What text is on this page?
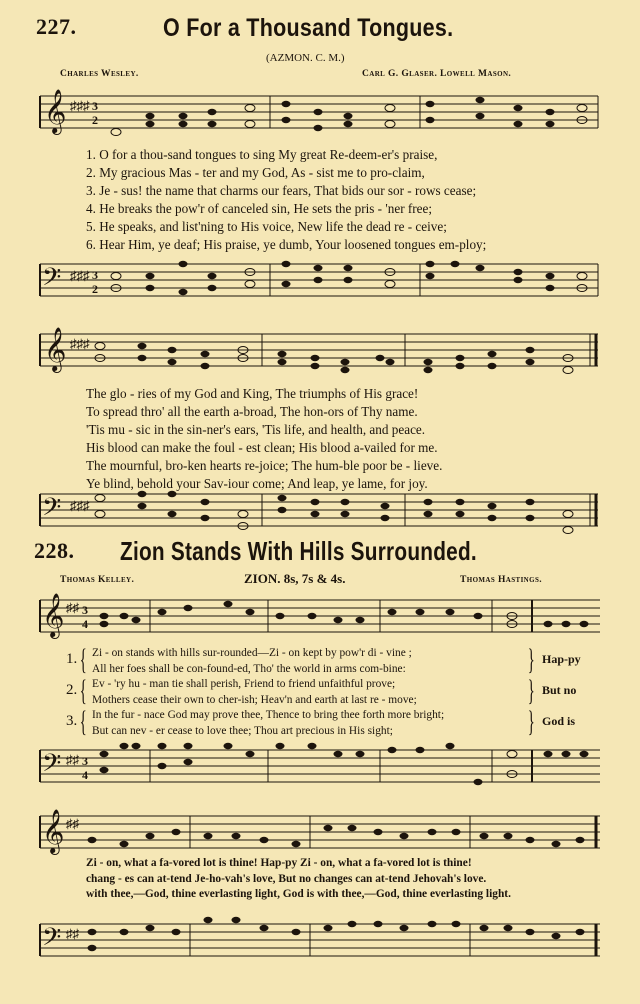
227.	O For a Thousand Tongues.
(AZMON. C. M.)
Charles Wesley.	Carl G. Glaser. Lowell Mason.
𝄞 ♯♯♯ 3
2
1. O for a thou-sand tongues to sing My great Re-deem-er's praise,
2. My gracious Mas - ter and my God, As - sist me to pro-claim,
3. Je - sus! the name that charms our fears, That bids our sor - rows cease;
4. He breaks the pow'r of canceled sin, He sets the pris - 'ner free;
5. He speaks, and list'ning to His voice, New life the dead re - ceive;
6. Hear Him, ye deaf; His praise, ye dumb, Your loosened tongues em-ploy;
𝄢 ♯♯♯ 3
2
𝄞 ♯♯♯
The glo - ries of my God and King, The triumphs of His grace!
To spread thro' all the earth a-broad, The hon-ors of Thy name.
'Tis mu - sic in the sin-ner's ears, 'Tis life, and health, and peace.
His blood can make the foul - est clean; His blood a-vailed for me.
The mournful, bro-ken hearts re-joice; The hum-ble poor be - lieve.
Ye blind, behold your Sav-iour come; And leap, ye lame, for joy.
𝄢 ♯♯♯
228. Zion Stands With Hills Surrounded.
Thomas Kelley.	ZION. 8s, 7s & 4s.	Thomas Hastings.
𝄞 ♯♯ 3
4
1.
2.
3.
{
{
{
Zi - on stands with hills sur-rounded—Zi - on kept by pow'r di - vine ;
All her foes shall be con-found-ed, Tho' the world in arms com-bine:
Ev - 'ry hu - man tie shall perish, Friend to friend unfaithful prove;
Mothers cease their own to cher-ish; Heav'n and earth at last re - move;
In the fur - nace God may prove thee, Thence to bring thee forth more bright;
But can nev - er cease to love thee; Thou art precious in His sight;
}
}
}
Hap-py
But no
God is
𝄢 ♯♯ 3
4
𝄞 ♯♯
Zi - on, what a fa-vored lot is thine! Hap-py Zi - on, what a fa-vored lot is thine!
chang - es can at-tend Je-ho-vah's love, But no changes can at-tend Jehovah's love.
with thee,—God, thine everlasting light, God is with thee,—God, thine everlasting light.
𝄢 ♯♯
